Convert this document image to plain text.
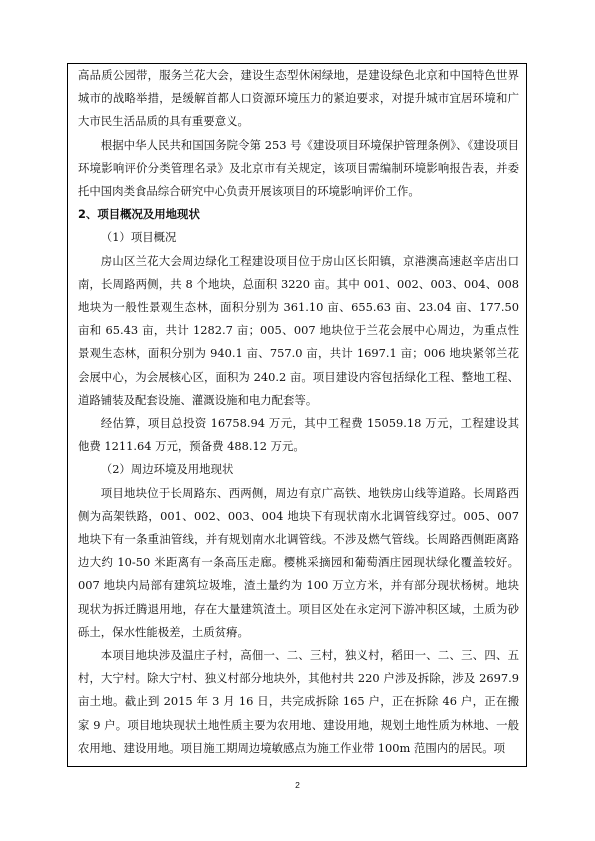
高品质公园带，服务兰花大会，建设生态型休闲绿地，是建设绿色北京和中国特色世界城市的战略举措，是缓解首都人口资源环境压力的紧迫要求，对提升城市宜居环境和广大市民生活品质的具有重要意义。

根据中华人民共和国国务院令第 253 号《建设项目环境保护管理条例》、《建设项目环境影响评价分类管理名录》及北京市有关规定，该项目需编制环境影响报告表，并委托中国肉类食品综合研究中心负责开展该项目的环境影响评价工作。

2、项目概况及用地现状

（1）项目概况

房山区兰花大会周边绿化工程建设项目位于房山区长阳镇，京港澳高速赵辛店出口南，长周路两侧，共 8 个地块，总面积 3220 亩。其中 001、002、003、004、008 地块为一般性景观生态林，面积分别为 361.10 亩、655.63 亩、23.04 亩、177.50 亩和 65.43 亩，共计 1282.7 亩；005、007 地块位于兰花会展中心周边，为重点性景观生态林，面积分别为 940.1 亩、757.0 亩，共计 1697.1 亩；006 地块紧邻兰花会展中心，为会展核心区，面积为 240.2 亩。项目建设内容包括绿化工程、整地工程、道路铺装及配套设施、灌溉设施和电力配套等。

经估算，项目总投资 16758.94 万元，其中工程费 15059.18 万元，工程建设其他费 1211.64 万元，预备费 488.12 万元。

（2）周边环境及用地现状

项目地块位于长周路东、西两侧，周边有京广高铁、地铁房山线等道路。长周路西侧为高架铁路，001、002、003、004 地块下有现状南水北调管线穿过。005、007 地块下有一条重油管线，并有规划南水北调管线。不涉及燃气管线。长周路西侧距离路边大约 10-50 米距离有一条高压走廊。樱桃采摘园和葡萄酒庄园现状绿化覆盖较好。007 地块内局部有建筑垃圾堆，渣土量约为 100 万立方米，并有部分现状杨树。地块现状为拆迁腾退用地，存在大量建筑渣土。项目区处在永定河下游冲积区域，土质为砂砾土，保水性能极差，土质贫瘠。

本项目地块涉及温庄子村，高佃一、二、三村，独义村，稻田一、二、三、四、五村，大宁村。除大宁村、独义村部分地块外，其他村共 220 户涉及拆除，涉及 2697.9 亩土地。截止到 2015 年 3 月 16 日，共完成拆除 165 户，正在拆除 46 户，正在搬家 9 户。项目地块现状土地性质主要为农用地、建设用地，规划土地性质为林地、一般农用地、建设用地。项目施工期周边境敏感点为施工作业带 100m 范围内的居民。项

2
